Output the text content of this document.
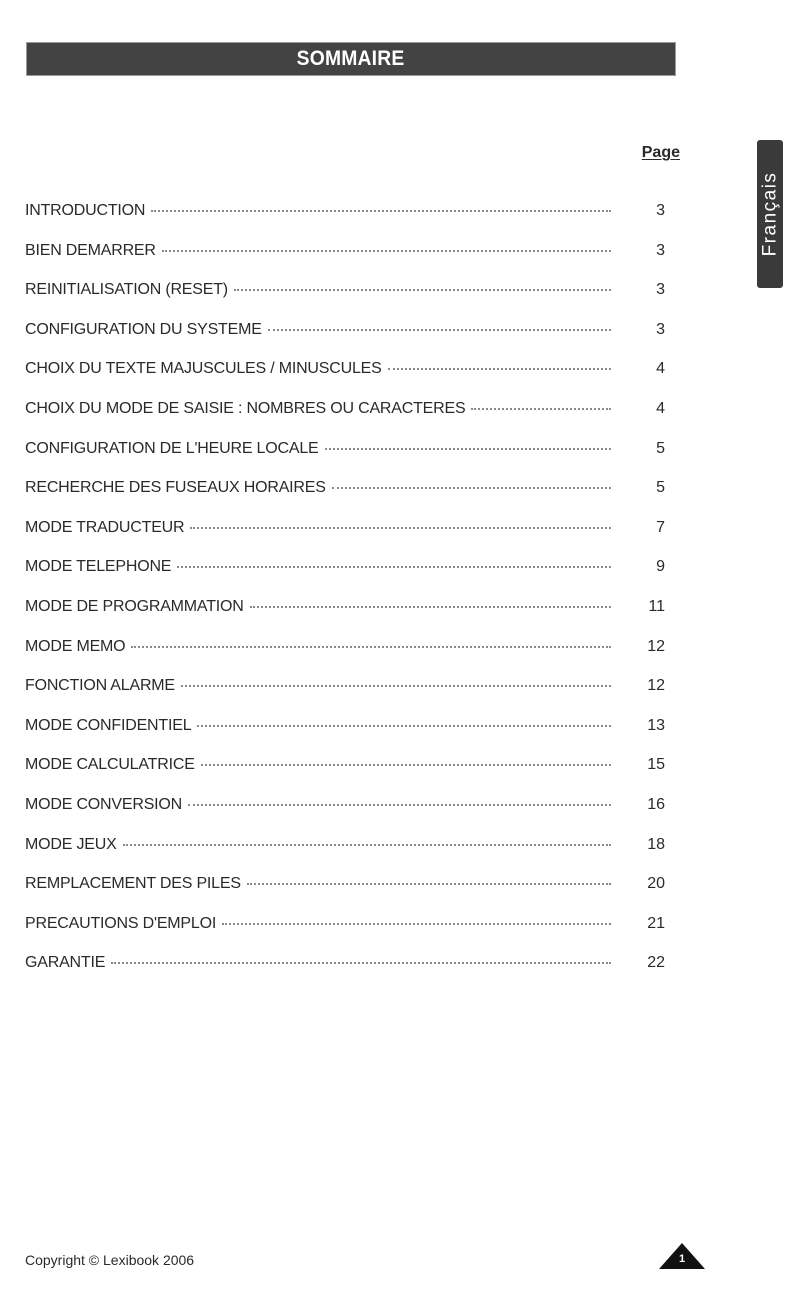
SOMMAIRE
Page
Français
INTRODUCTION	3
BIEN DEMARRER	3
REINITIALISATION (RESET)	3
CONFIGURATION DU SYSTEME	3
CHOIX DU TEXTE MAJUSCULES / MINUSCULES	4
CHOIX DU MODE DE SAISIE : NOMBRES OU CARACTERES	4
CONFIGURATION DE L'HEURE LOCALE	5
RECHERCHE DES FUSEAUX HORAIRES	5
MODE TRADUCTEUR	7
MODE TELEPHONE	9
MODE DE PROGRAMMATION	11
MODE MEMO	12
FONCTION ALARME	12
MODE CONFIDENTIEL	13
MODE CALCULATRICE	15
MODE CONVERSION	16
MODE JEUX	18
REMPLACEMENT DES PILES	20
PRECAUTIONS D'EMPLOI	21
GARANTIE	22
Copyright © Lexibook 2006	1
